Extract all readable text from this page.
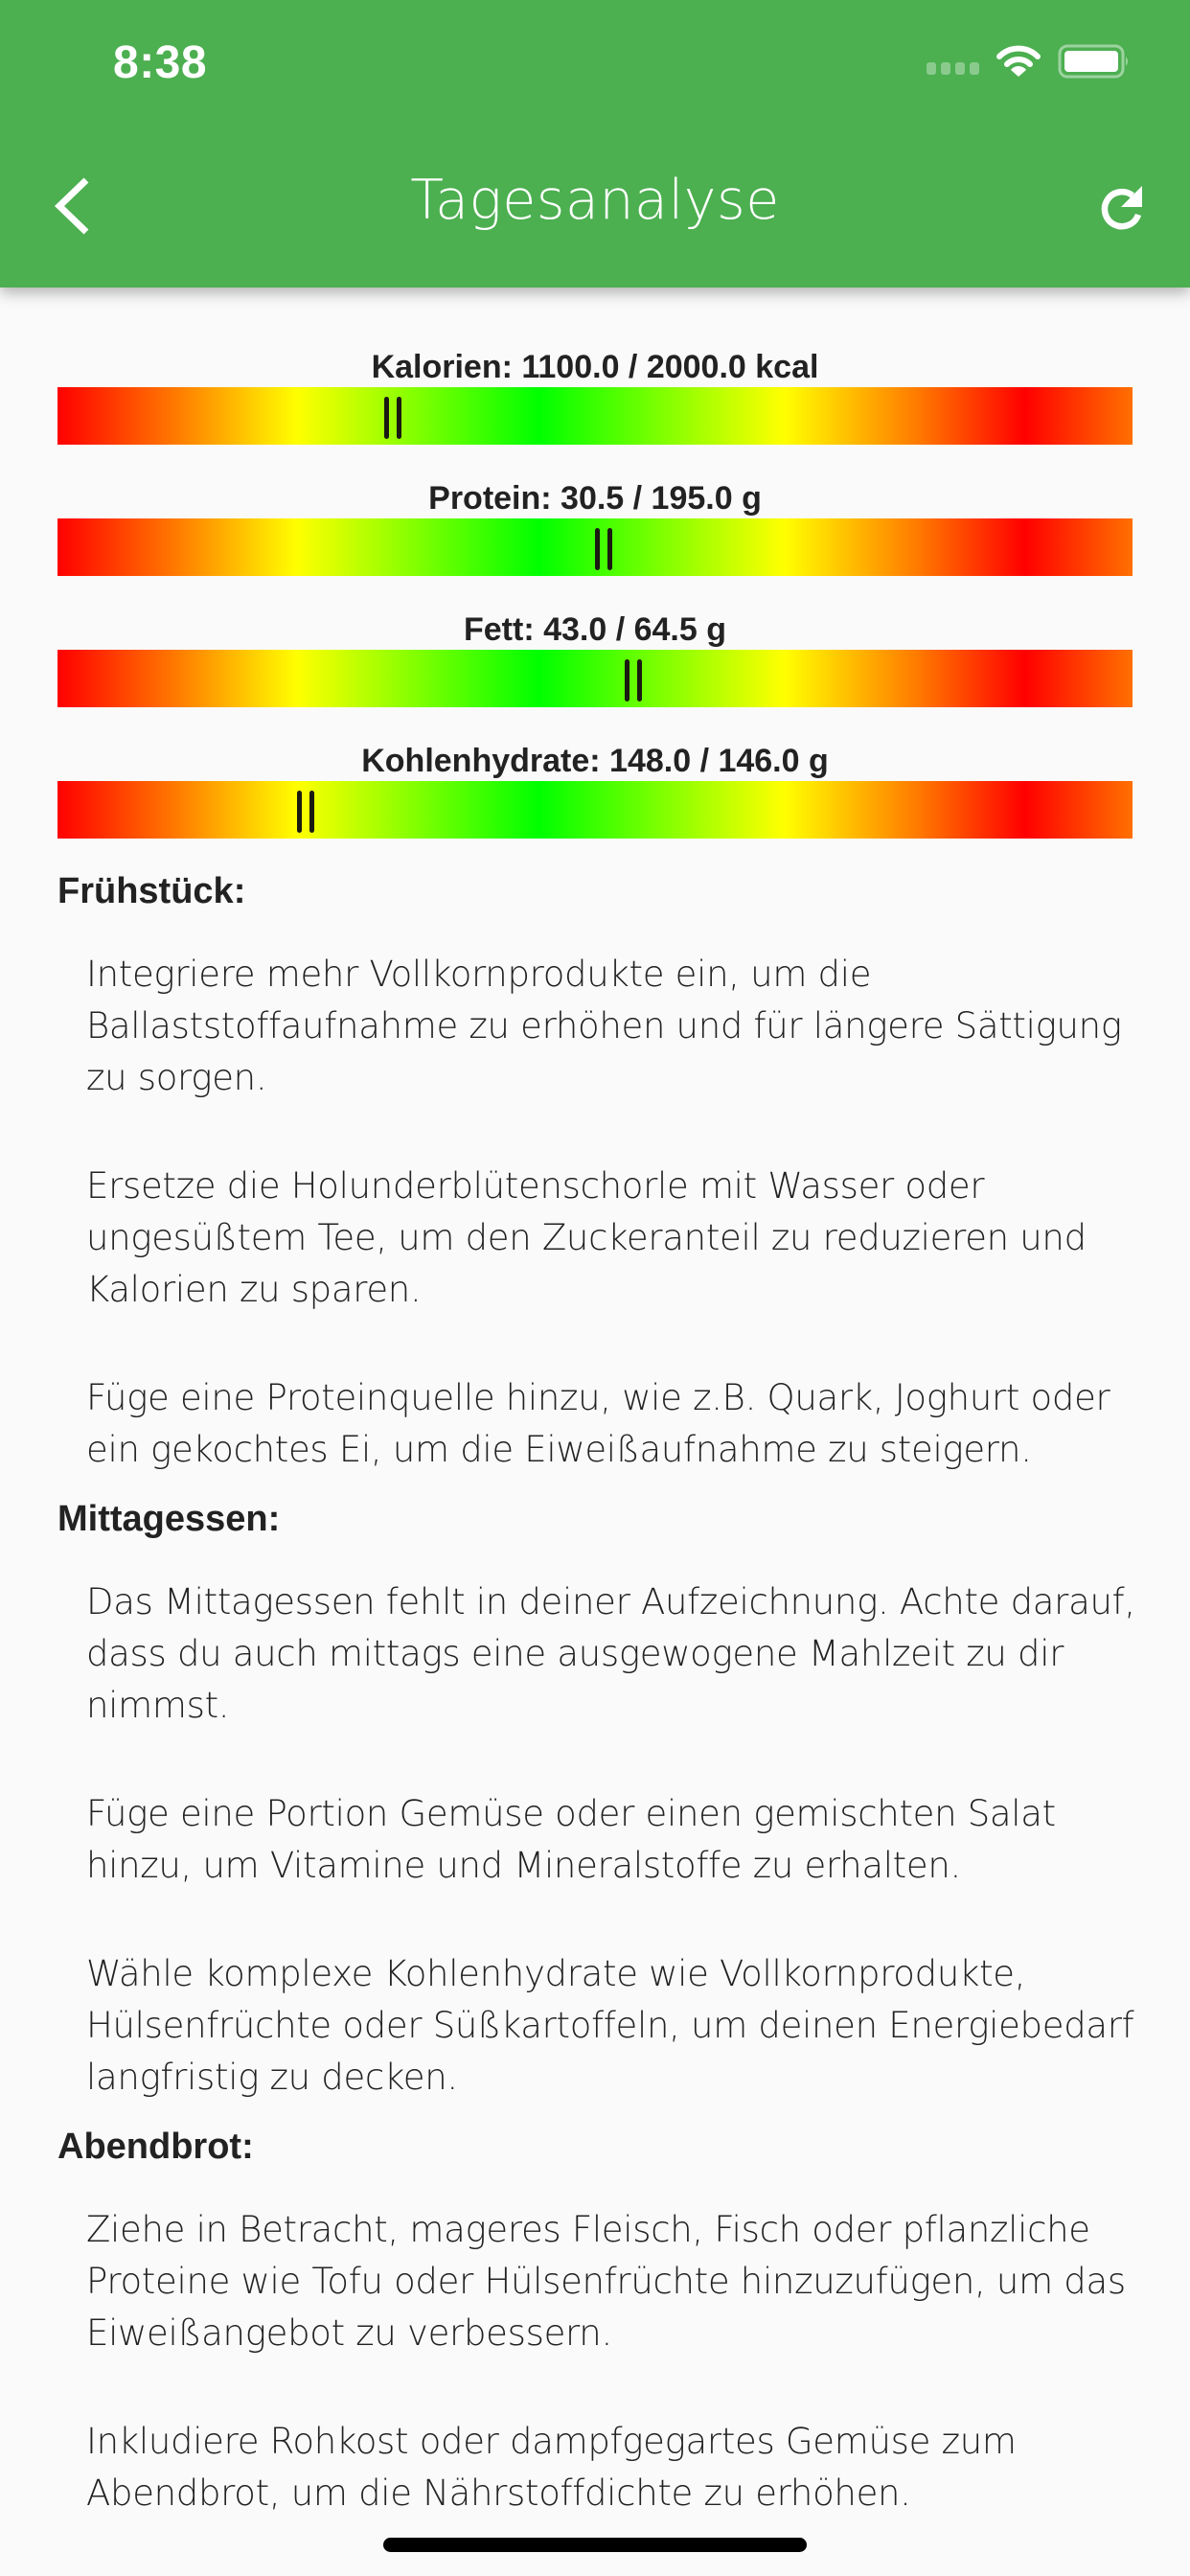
8:38
Tagesanalyse
Kalorien: 1100.0 / 2000.0 kcal
Protein: 30.5 / 195.0 g
Fett: 43.0 / 64.5 g
Kohlenhydrate: 148.0 / 146.0 g
Frühstück:
Integriere mehr Vollkornprodukte ein, um die Ballaststoffaufnahme zu erhöhen und für längere Sättigung zu sorgen.
Ersetze die Holunderblütenschorle mit Wasser oder ungesüßtem Tee, um den Zuckeranteil zu reduzieren und Kalorien zu sparen.
Füge eine Proteinquelle hinzu, wie z.B. Quark, Joghurt oder ein gekochtes Ei, um die Eiweißaufnahme zu steigern.
Mittagessen:
Das Mittagessen fehlt in deiner Aufzeichnung. Achte darauf, dass du auch mittags eine ausgewogene Mahlzeit zu dir nimmst.
Füge eine Portion Gemüse oder einen gemischten Salat hinzu, um Vitamine und Mineralstoffe zu erhalten.
Wähle komplexe Kohlenhydrate wie Vollkornprodukte, Hülsenfrüchte oder Süßkartoffeln, um deinen Energiebedarf langfristig zu decken.
Abendbrot:
Ziehe in Betracht, mageres Fleisch, Fisch oder pflanzliche Proteine wie Tofu oder Hülsenfrüchte hinzuzufügen, um das Eiweißangebot zu verbessern.
Inkludiere Rohkost oder dampfgegartes Gemüse zum Abendbrot, um die Nährstoffdichte zu erhöhen.
